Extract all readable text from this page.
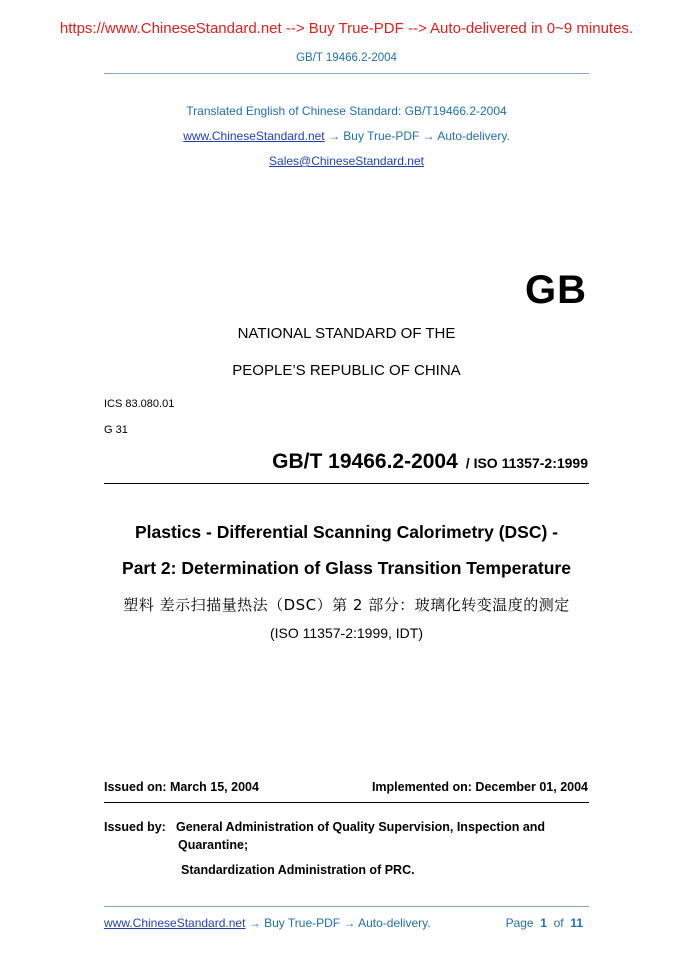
https://www.ChineseStandard.net --> Buy True-PDF --> Auto-delivered in 0~9 minutes.
GB/T 19466.2-2004
Translated English of Chinese Standard: GB/T19466.2-2004
www.ChineseStandard.net → Buy True-PDF → Auto-delivery.
Sales@ChineseStandard.net
GB
NATIONAL STANDARD OF THE
PEOPLE’S REPUBLIC OF CHINA
ICS 83.080.01
G 31
GB/T 19466.2-2004 / ISO 11357-2:1999
Plastics - Differential Scanning Calorimetry (DSC) -
Part 2: Determination of Glass Transition Temperature
塑料 差示扫描量热法（DSC）第 2 部分：玻璃化转变温度的测定
(ISO 11357-2:1999, IDT)
Issued on: March 15, 2004	Implemented on: December 01, 2004
Issued by: General Administration of Quality Supervision, Inspection and
Quarantine;
Standardization Administration of PRC.
www.ChineseStandard.net → Buy True-PDF → Auto-delivery.	Page 1 of 11
